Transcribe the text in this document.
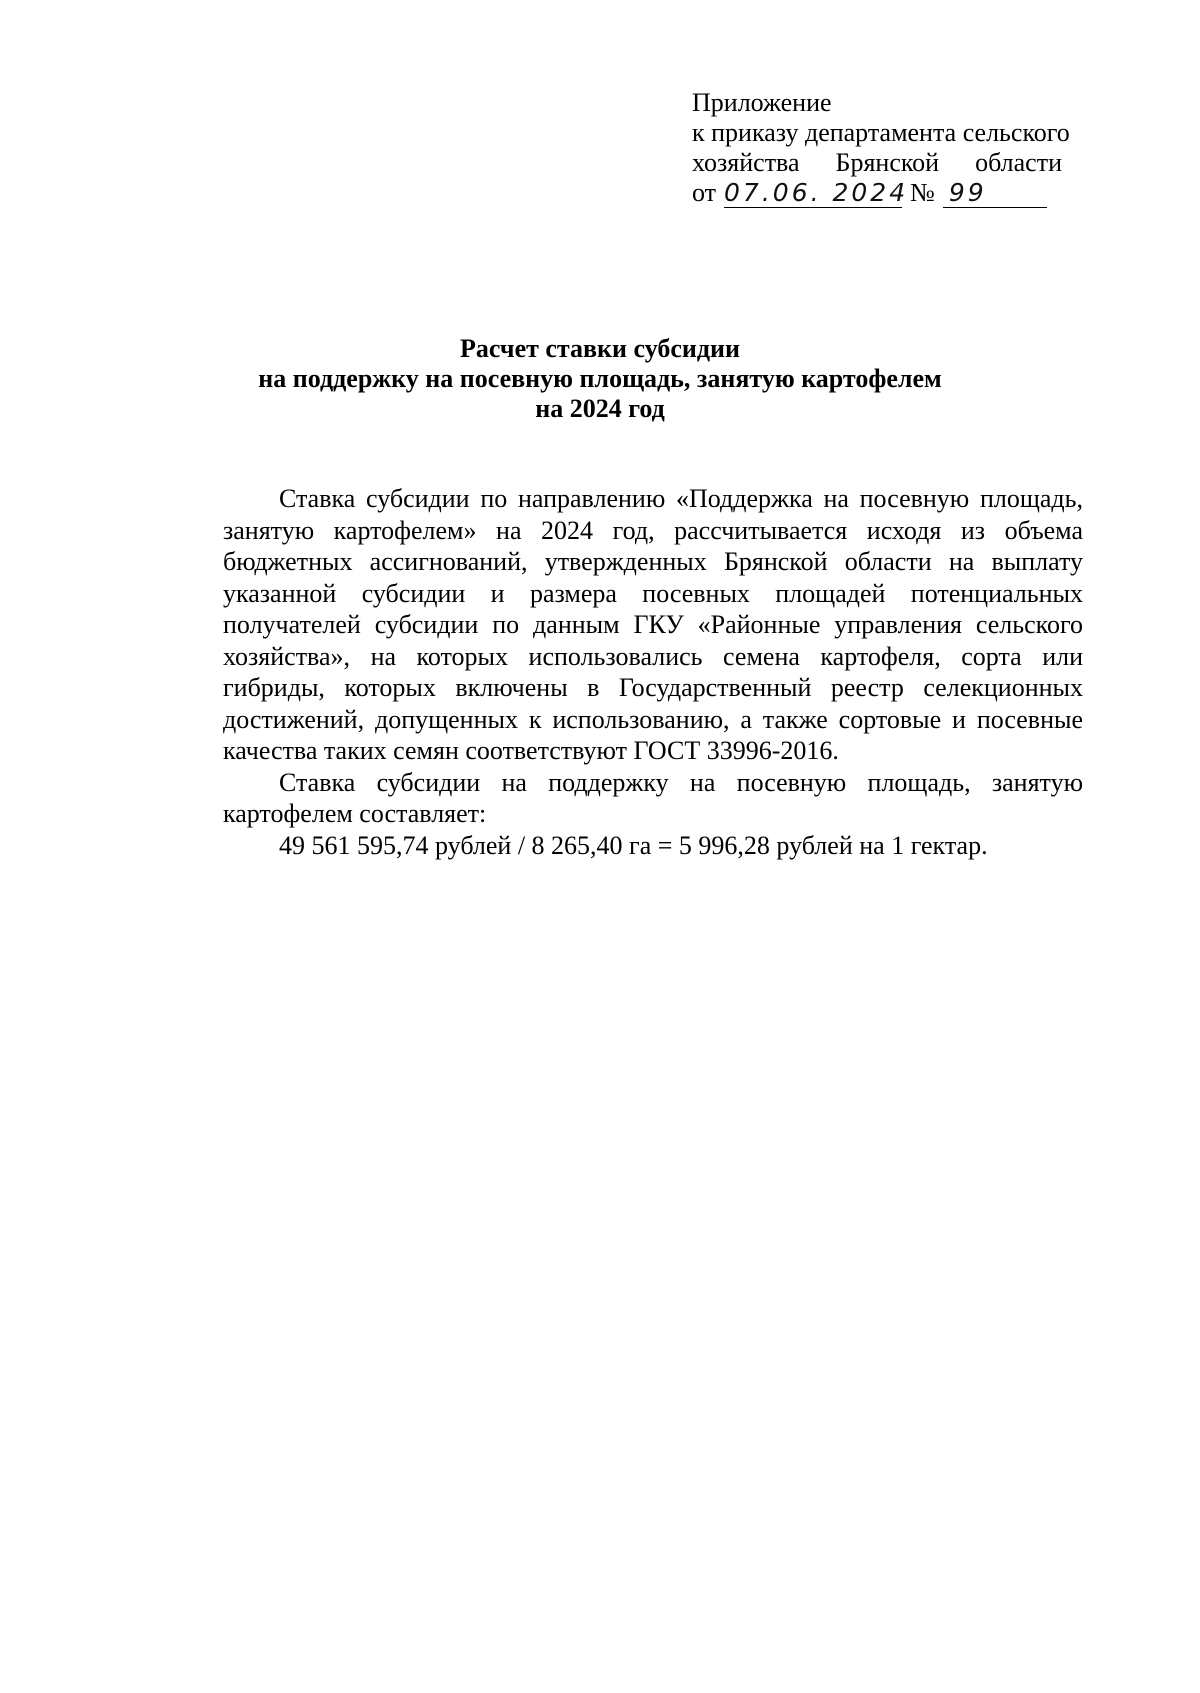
Приложение
к приказу департамента сельского
хозяйства Брянской области
от 07.06. 2024 № 99
Расчет ставки субсидии
на поддержку на посевную площадь, занятую картофелем
на 2024 год

Ставка субсидии по направлению «Поддержка на посевную площадь, занятую картофелем» на 2024 год, рассчитывается исходя из объема бюджетных ассигнований, утвержденных Брянской области на выплату указанной субсидии и размера посевных площадей потенциальных получателей субсидии по данным ГКУ «Районные управления сельского хозяйства», на которых использовались семена картофеля, сорта или гибриды, которых включены в Государственный реестр селекционных достижений, допущенных к использованию, а также сортовые и посевные качества таких семян соответствуют ГОСТ 33996-2016.

Ставка субсидии на поддержку на посевную площадь, занятую картофелем составляет:

49 561 595,74 рублей / 8 265,40 га = 5 996,28 рублей на 1 гектар.
